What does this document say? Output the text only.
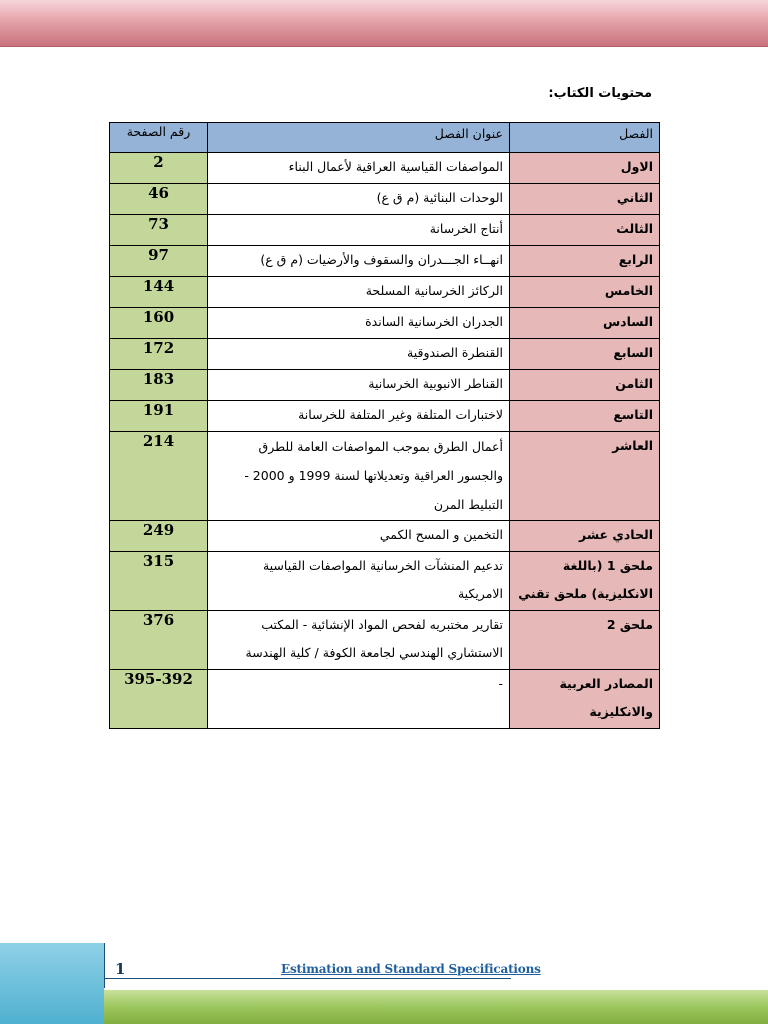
محتويات الكتاب:
رقم الصفحة	عنوان الفصل	الفصل
2	المواصفات القياسية العراقية لأعمال البناء	الاول
46	الوحدات البنائية (م ق ع)	الثاني
73	أنتاج الخرسانة	الثالث
97	انهــاء الجـــدران والسقوف والأرضيات (م ق ع)	الرابع
144	الركائز الخرسانية المسلحة	الخامس
160	الجدران الخرسانية الساندة	السادس
172	القنطرة الصندوقية	السابع
183	القناطر الانبوبية الخرسانية	الثامن
191	لاختبارات المتلفة وغير المتلفة للخرسانة	التاسع
214	أعمال الطرق بموجب المواصفات العامة للطرق والجسور العراقية وتعديلاتها لسنة 1999 و 2000 - التبليط المرن	العاشر
249	التخمين و المسح الكمي	الحادي عشر
315	تدعيم المنشآت الخرسانية المواصفات القياسية الامريكية	ملحق 1 (باللغة الانكليزية) ملحق تقني
376	تقارير مختبريه لفحص المواد الإنشائية - المكتب الاستشاري الهندسي لجامعة الكوفة / كلية الهندسة	ملحق 2
395-392	-	المصادر العربية والانكليزية
1	Estimation and Standard Specifications
